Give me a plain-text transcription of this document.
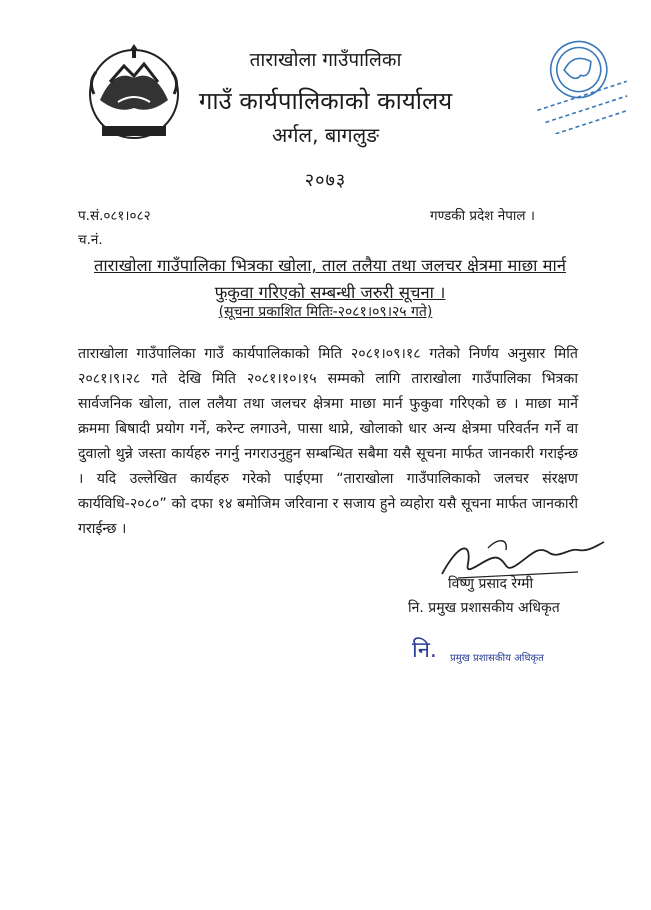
ताराखोला गाउँपालिका
गाउँ कार्यपालिकाको कार्यालय
अर्गल, बागलुङ
२०७३
प.सं.०८१।०८२
च.नं.
गण्डकी प्रदेश नेपाल ।
ताराखोला गाउँपालिका भित्रका खोला, ताल तलैया तथा जलचर क्षेत्रमा माछा मार्न
फुकुवा गरिएको सम्बन्धी जरुरी सूचना ।
(सूचना प्रकाशित मितिः-२०८१।०९।२५ गते)
ताराखोला गाउँपालिका गाउँ कार्यपालिकाको मिति २०८१।०९।१८ गतेको निर्णय अनुसार मिति २०८१।९।२८ गते देखि मिति २०८१।१०।१५ सम्मको लागि ताराखोला गाउँपालिका भित्रका सार्वजनिक खोला, ताल तलैया तथा जलचर क्षेत्रमा माछा मार्न फुकुवा गरिएको छ । माछा मार्ने क्रममा बिषादी प्रयोग गर्ने, करेन्ट लगाउने, पासा थाप्ने, खोलाको धार अन्य क्षेत्रमा परिवर्तन गर्ने वा दुवालो थुन्ने जस्ता कार्यहरु नगर्नु नगराउनुहुन सम्बन्धित सबैमा यसै सूचना मार्फत जानकारी गराईन्छ । यदि उल्लेखित कार्यहरु गरेको पाईएमा “ताराखोला गाउँपालिकाको जलचर संरक्षण कार्यविधि-२०८०” को दफा १४ बमोजिम जरिवाना र सजाय हुने व्यहोरा यसै सूचना मार्फत जानकारी गराईन्छ ।
विष्णु प्रसाद रेग्मी
नि. प्रमुख प्रशासकीय अधिकृत
नि. प्रमुख प्रशासकीय अधिकृत
